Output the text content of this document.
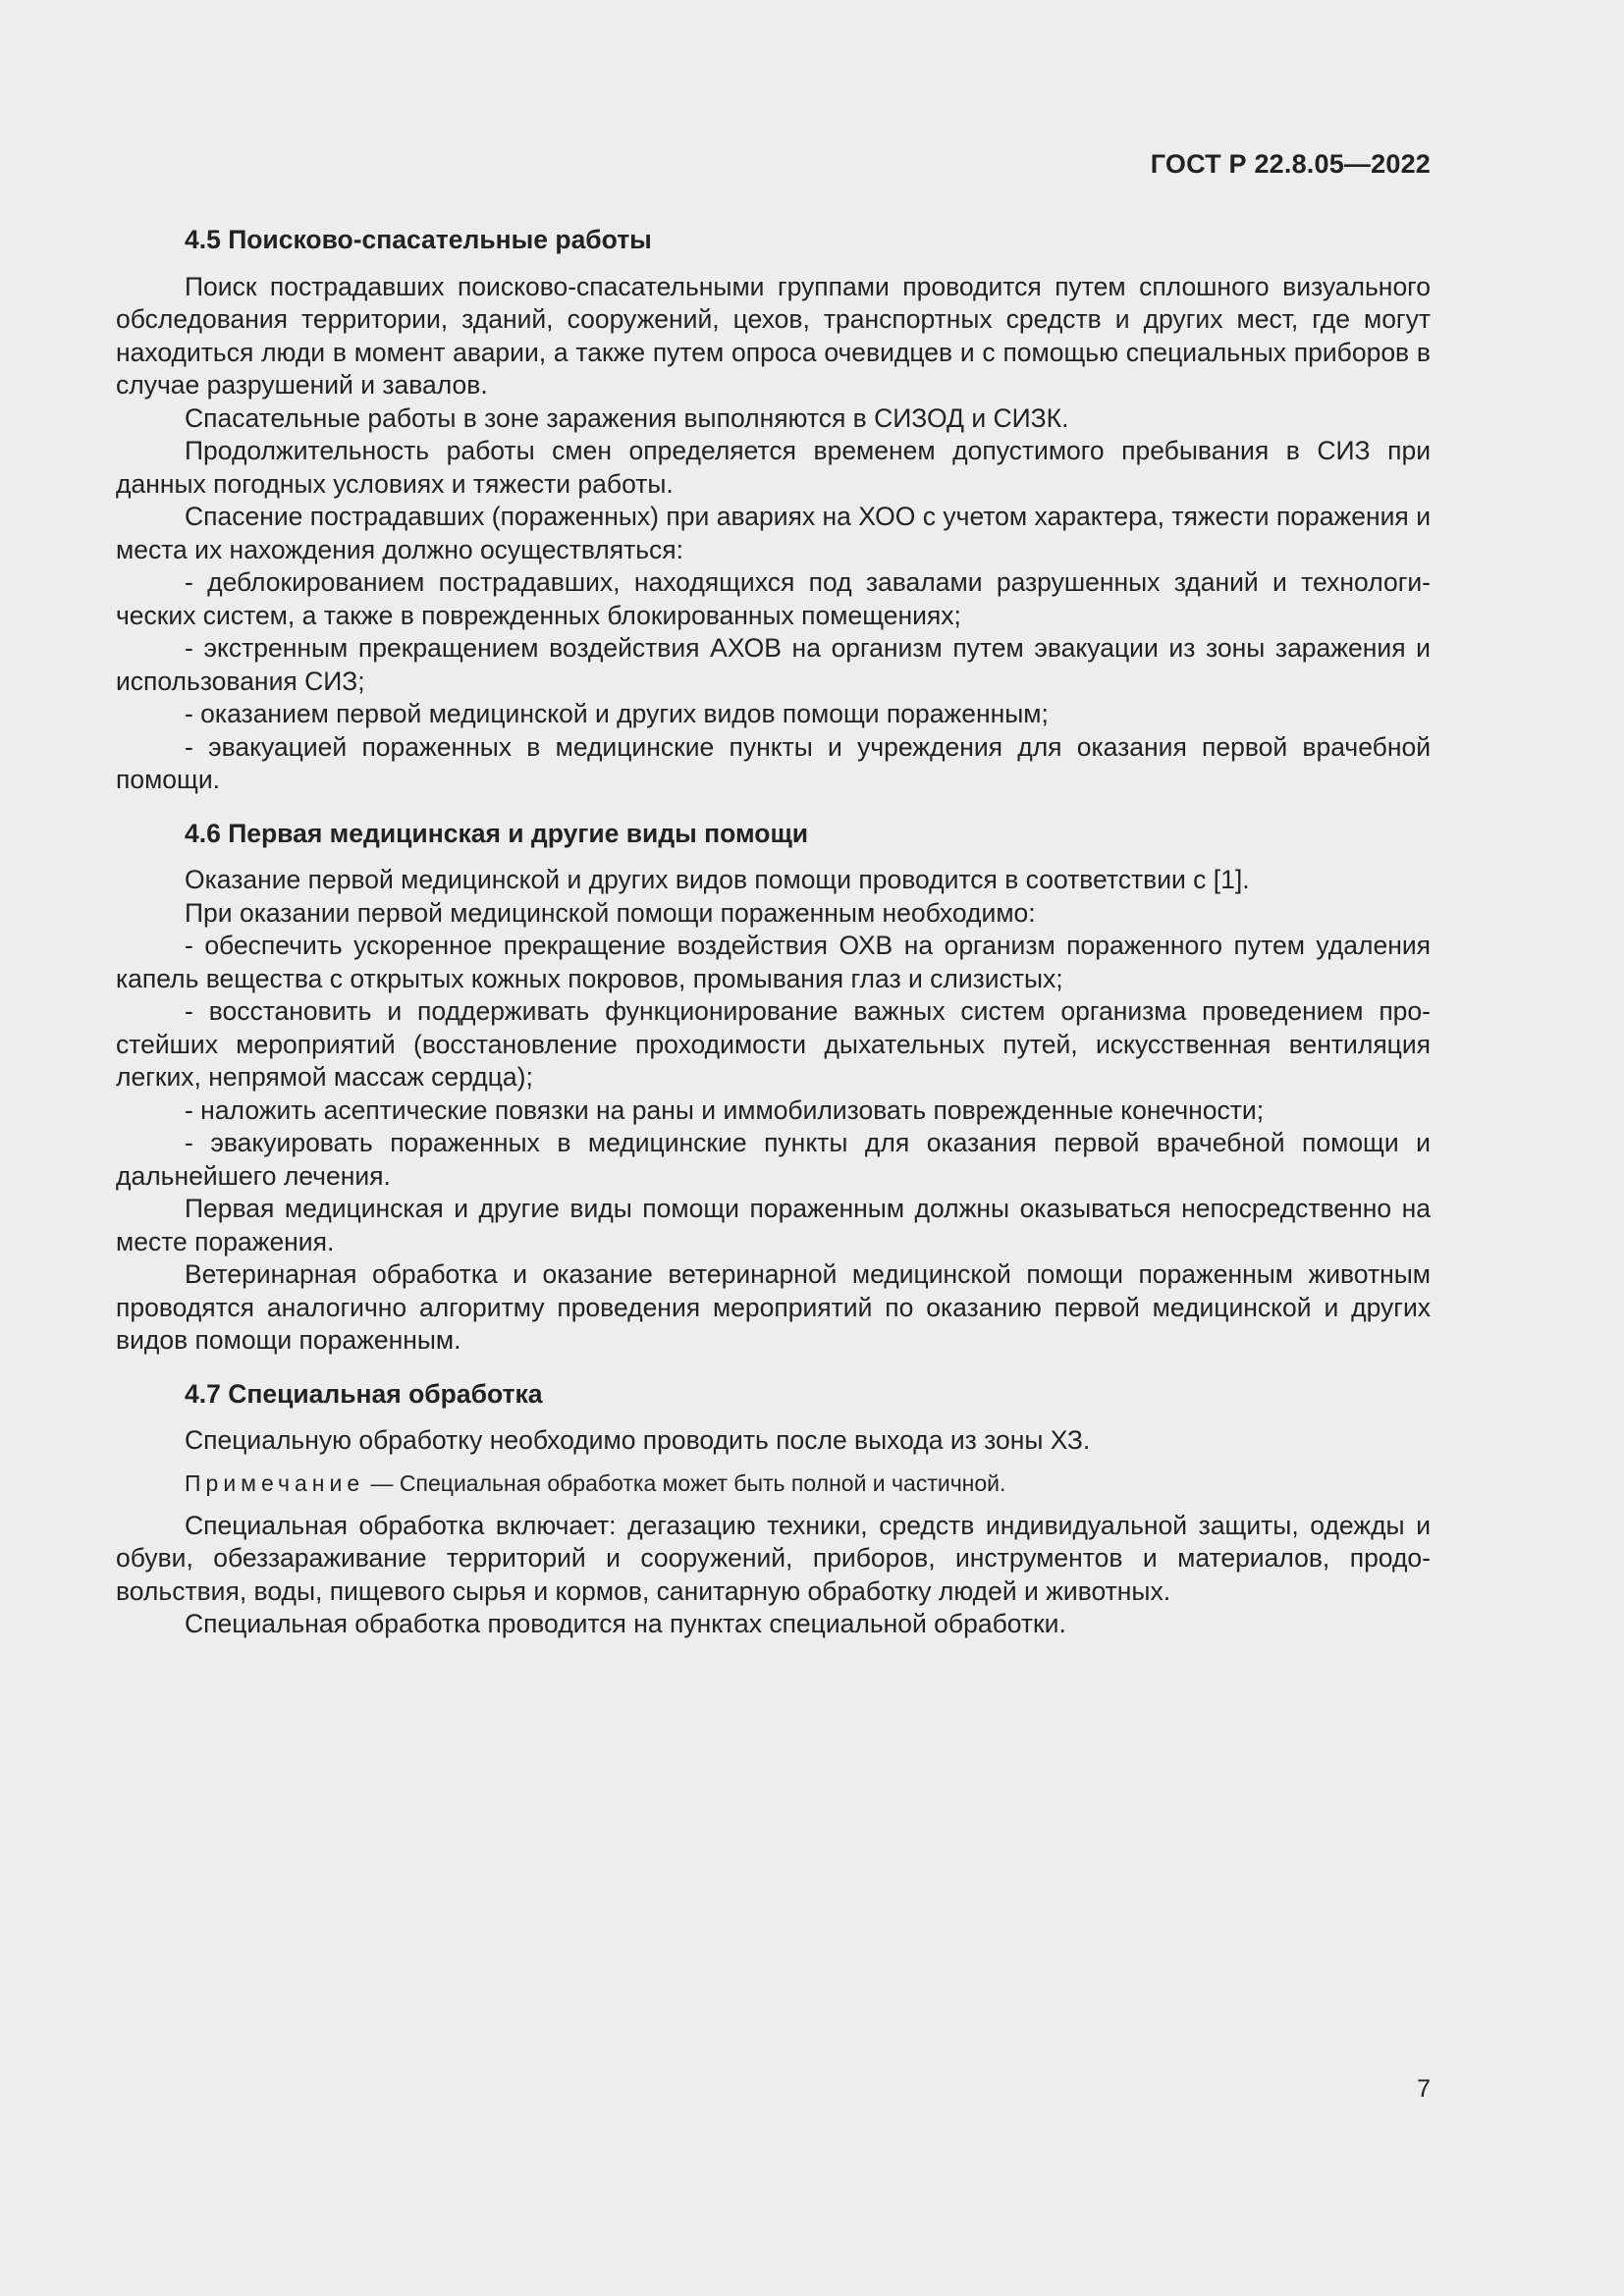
ГОСТ Р 22.8.05—2022
4.5 Поисково-спасательные работы

Поиск пострадавших поисково-спасательными группами проводится путем сплошного визуального обследования территории, зданий, сооружений, цехов, транспортных средств и других мест, где могут находиться люди в момент аварии, а также путем опроса очевидцев и с помощью специальных приборов в случае разрушений и завалов.

Спасательные работы в зоне заражения выполняются в СИЗОД и СИЗК.

Продолжительность работы смен определяется временем допустимого пребывания в СИЗ при данных погодных условиях и тяжести работы.

Спасение пострадавших (пораженных) при авариях на ХОО с учетом характера, тяжести поражения и места их нахождения должно осуществляться:

- деблокированием пострадавших, находящихся под завалами разрушенных зданий и технологических систем, а также в поврежденных блокированных помещениях;

- экстренным прекращением воздействия АХОВ на организм путем эвакуации из зоны заражения и использования СИЗ;

- оказанием первой медицинской и других видов помощи пораженным;

- эвакуацией пораженных в медицинские пункты и учреждения для оказания первой врачебной помощи.

4.6 Первая медицинская и другие виды помощи

Оказание первой медицинской и других видов помощи проводится в соответствии с [1].

При оказании первой медицинской помощи пораженным необходимо:

- обеспечить ускоренное прекращение воздействия ОХВ на организм пораженного путем удаления капель вещества с открытых кожных покровов, промывания глаз и слизистых;

- восстановить и поддерживать функционирование важных систем организма проведением простейших мероприятий (восстановление проходимости дыхательных путей, искусственная вентиляция легких, непрямой массаж сердца);

- наложить асептические повязки на раны и иммобилизовать поврежденные конечности;

- эвакуировать пораженных в медицинские пункты для оказания первой врачебной помощи и дальнейшего лечения.

Первая медицинская и другие виды помощи пораженным должны оказываться непосредственно на месте поражения.

Ветеринарная обработка и оказание ветеринарной медицинской помощи пораженным животным проводятся аналогично алгоритму проведения мероприятий по оказанию первой медицинской и других видов помощи пораженным.

4.7 Специальная обработка

Специальную обработку необходимо проводить после выхода из зоны ХЗ.

Примечание — Специальная обработка может быть полной и частичной.

Специальная обработка включает: дегазацию техники, средств индивидуальной защиты, одежды и обуви, обеззараживание территорий и сооружений, приборов, инструментов и материалов, продовольствия, воды, пищевого сырья и кормов, санитарную обработку людей и животных.

Специальная обработка проводится на пунктах специальной обработки.

7
